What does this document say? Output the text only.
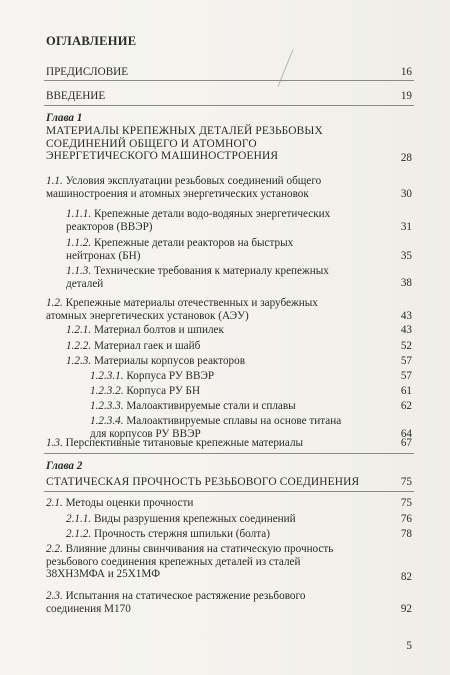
ОГЛАВЛЕНИЕ
ПРЕДИСЛОВИЕ	16
ВВЕДЕНИЕ	19
Глава 1
МАТЕРИАЛЫ КРЕПЕЖНЫХ ДЕТАЛЕЙ РЕЗЬБОВЫХ СОЕДИНЕНИЙ ОБЩЕГО И АТОМНОГО ЭНЕРГЕТИЧЕСКОГО МАШИНОСТРОЕНИЯ	28
1.1. Условия эксплуатации резьбовых соединений общего
машиностроения и атомных энергетических установок	30
1.1.1. Крепежные детали водо-водяных энергетических
реакторов (ВВЭР)	31
1.1.2. Крепежные детали реакторов на быстрых
нейтронах (БН)	35
1.1.3. Технические требования к материалу крепежных
деталей	38
1.2. Крепежные материалы отечественных и зарубежных
атомных энергетических установок (АЭУ)	43
1.2.1. Материал болтов и шпилек	43
1.2.2. Материал гаек и шайб	52
1.2.3. Материалы корпусов реакторов	57
1.2.3.1. Корпуса РУ ВВЭР	57
1.2.3.2. Корпуса РУ БН	61
1.2.3.3. Малоактивируемые стали и сплавы	62
1.2.3.4. Малоактивируемые сплавы на основе титана
для корпусов РУ ВВЭР	64
1.3. Перспективные титановые крепежные материалы	67
Глава 2
СТАТИЧЕСКАЯ ПРОЧНОСТЬ РЕЗЬБОВОГО СОЕДИНЕНИЯ	75
2.1. Методы оценки прочности	75
2.1.1. Виды разрушения крепежных соединений	76
2.1.2. Прочность стержня шпильки (болта)	78
2.2. Влияние длины свинчивания на статическую прочность
резьбового соединения крепежных деталей из сталей
38ХН3МФА и 25Х1МФ	82
2.3. Испытания на статическое растяжение резьбового
соединения М170	92
5
